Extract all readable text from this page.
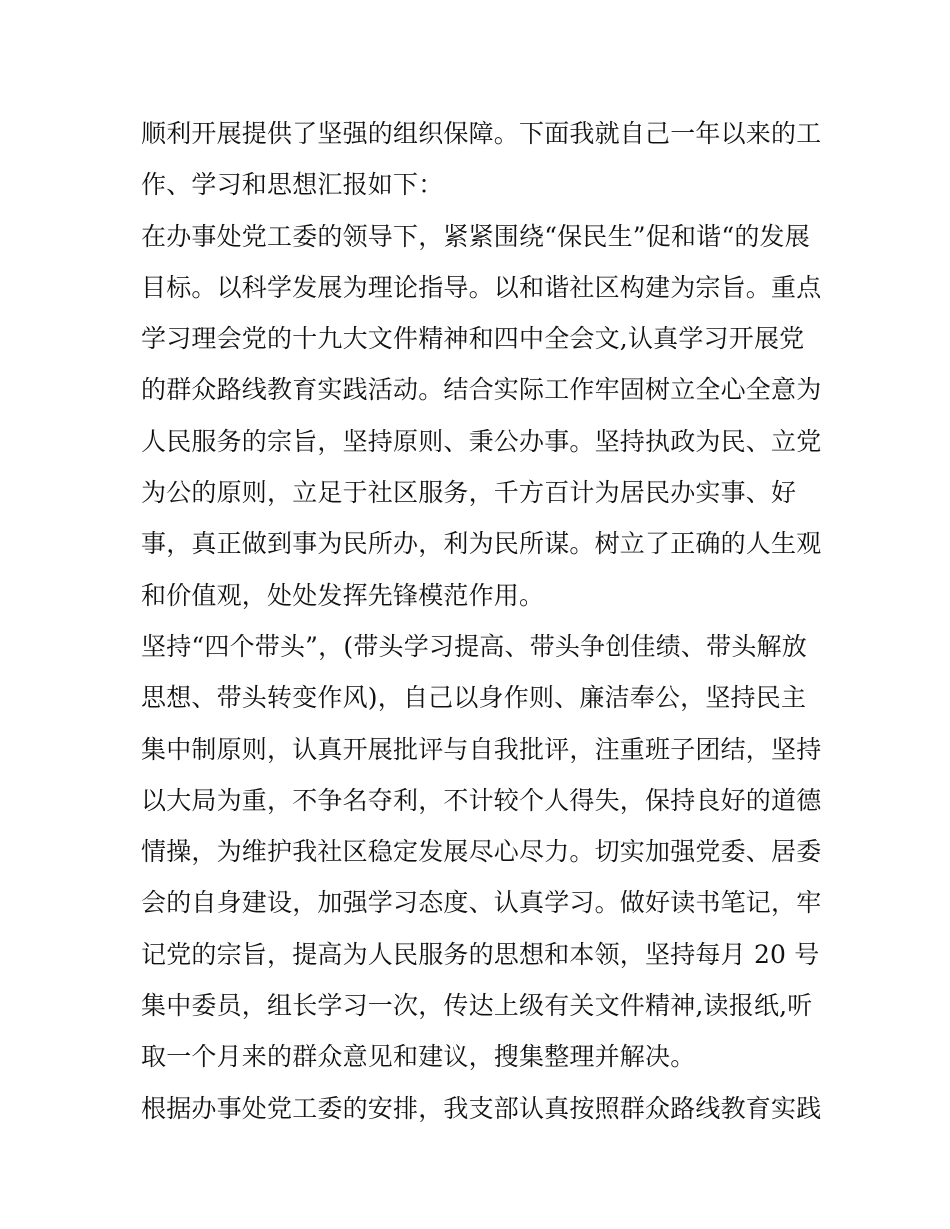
顺利开展提供了坚强的组织保障。下面我就自己一年以来的工
作、学习和思想汇报如下：
在办事处党工委的领导下，紧紧围绕“保民生”促和谐“的发展
目标。以科学发展为理论指导。以和谐社区构建为宗旨。重点
学习理会党的十九大文件精神和四中全会文,认真学习开展党
的群众路线教育实践活动。结合实际工作牢固树立全心全意为
人民服务的宗旨，坚持原则、秉公办事。坚持执政为民、立党
为公的原则，立足于社区服务，千方百计为居民办实事、好
事，真正做到事为民所办，利为民所谋。树立了正确的人生观
和价值观，处处发挥先锋模范作用。
坚持“四个带头”，(带头学习提高、带头争创佳绩、带头解放
思想、带头转变作风)，自己以身作则、廉洁奉公，坚持民主
集中制原则，认真开展批评与自我批评，注重班子团结，坚持
以大局为重，不争名夺利，不计较个人得失，保持良好的道德
情操，为维护我社区稳定发展尽心尽力。切实加强党委、居委
会的自身建设，加强学习态度、认真学习。做好读书笔记，牢
记党的宗旨，提高为人民服务的思想和本领，坚持每月 20 号
集中委员，组长学习一次，传达上级有关文件精神,读报纸,听
取一个月来的群众意见和建议，搜集整理并解决。
根据办事处党工委的安排，我支部认真按照群众路线教育实践
